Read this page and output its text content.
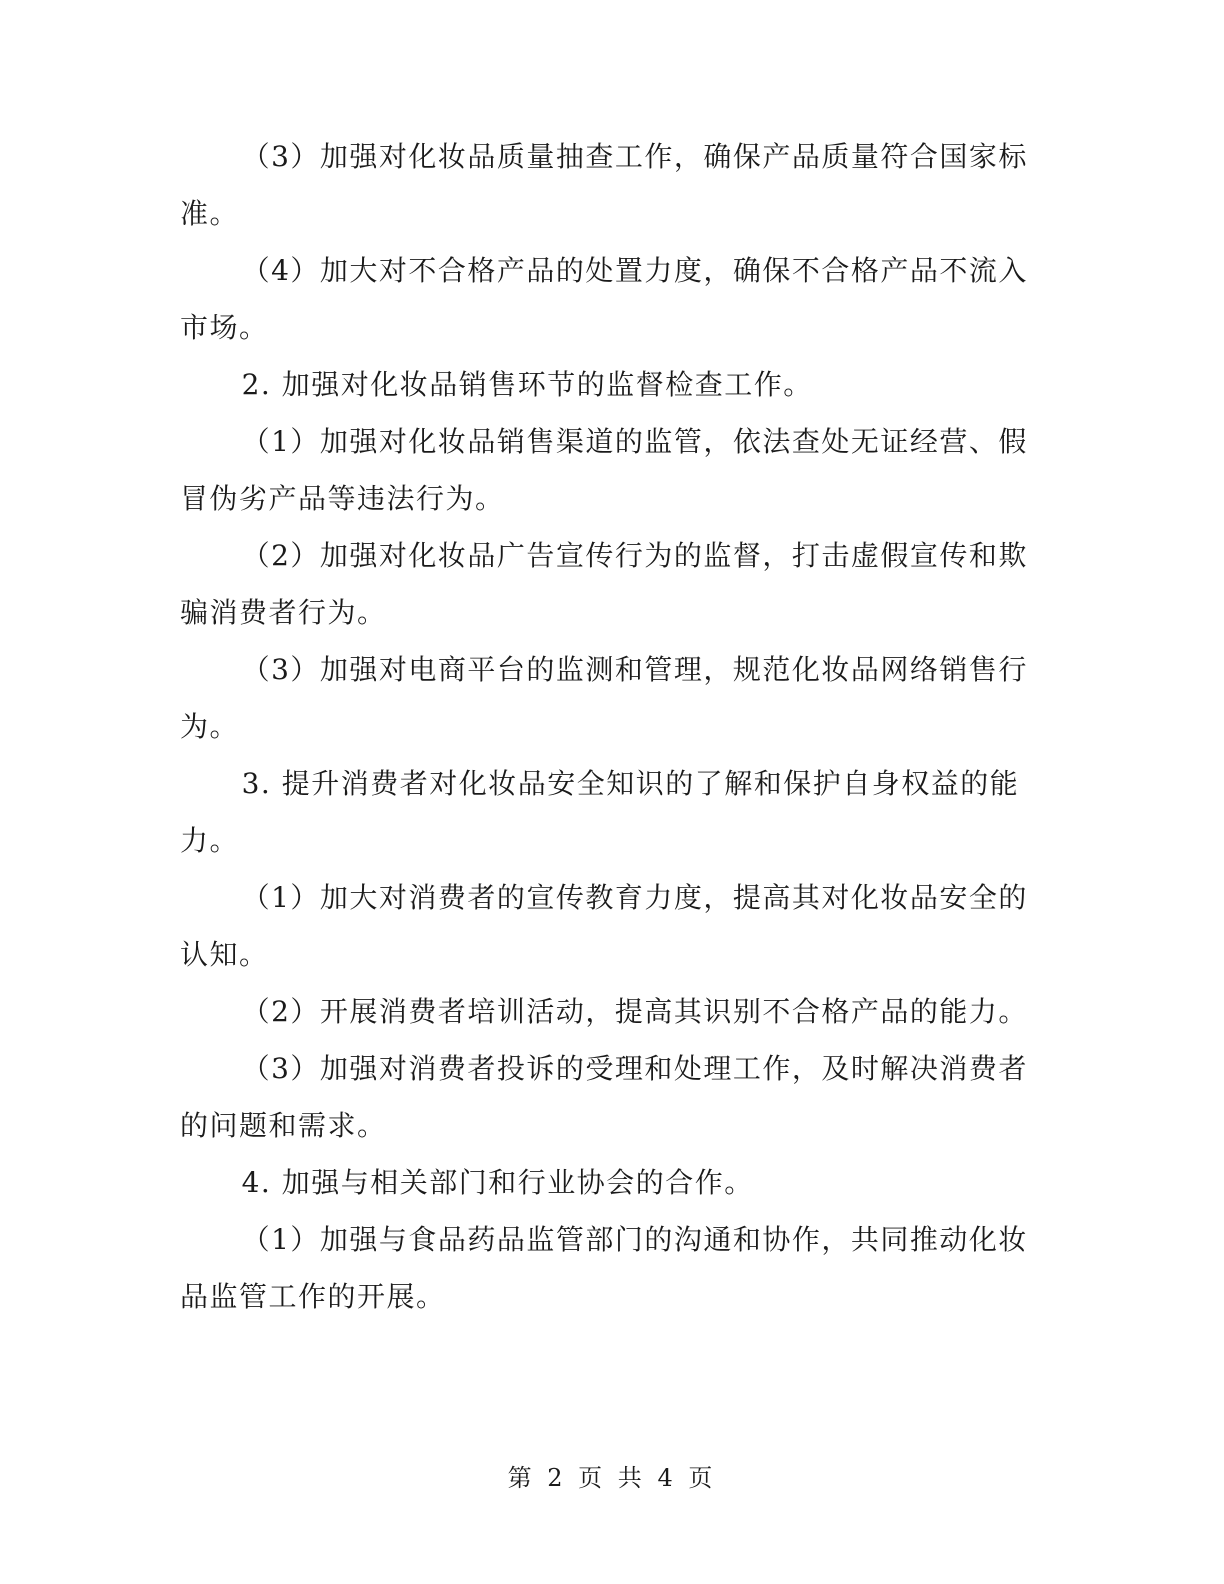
（3）加强对化妆品质量抽查工作，确保产品质量符合国家标准。

（4）加大对不合格产品的处置力度，确保不合格产品不流入市场。

2. 加强对化妆品销售环节的监督检查工作。

（1）加强对化妆品销售渠道的监管，依法查处无证经营、假冒伪劣产品等违法行为。

（2）加强对化妆品广告宣传行为的监督，打击虚假宣传和欺骗消费者行为。

（3）加强对电商平台的监测和管理，规范化妆品网络销售行为。

3. 提升消费者对化妆品安全知识的了解和保护自身权益的能力。

（1）加大对消费者的宣传教育力度，提高其对化妆品安全的认知。

（2）开展消费者培训活动，提高其识别不合格产品的能力。

（3）加强对消费者投诉的受理和处理工作，及时解决消费者的问题和需求。

4. 加强与相关部门和行业协会的合作。

（1）加强与食品药品监管部门的沟通和协作，共同推动化妆品监管工作的开展。

第 2 页 共 4 页
